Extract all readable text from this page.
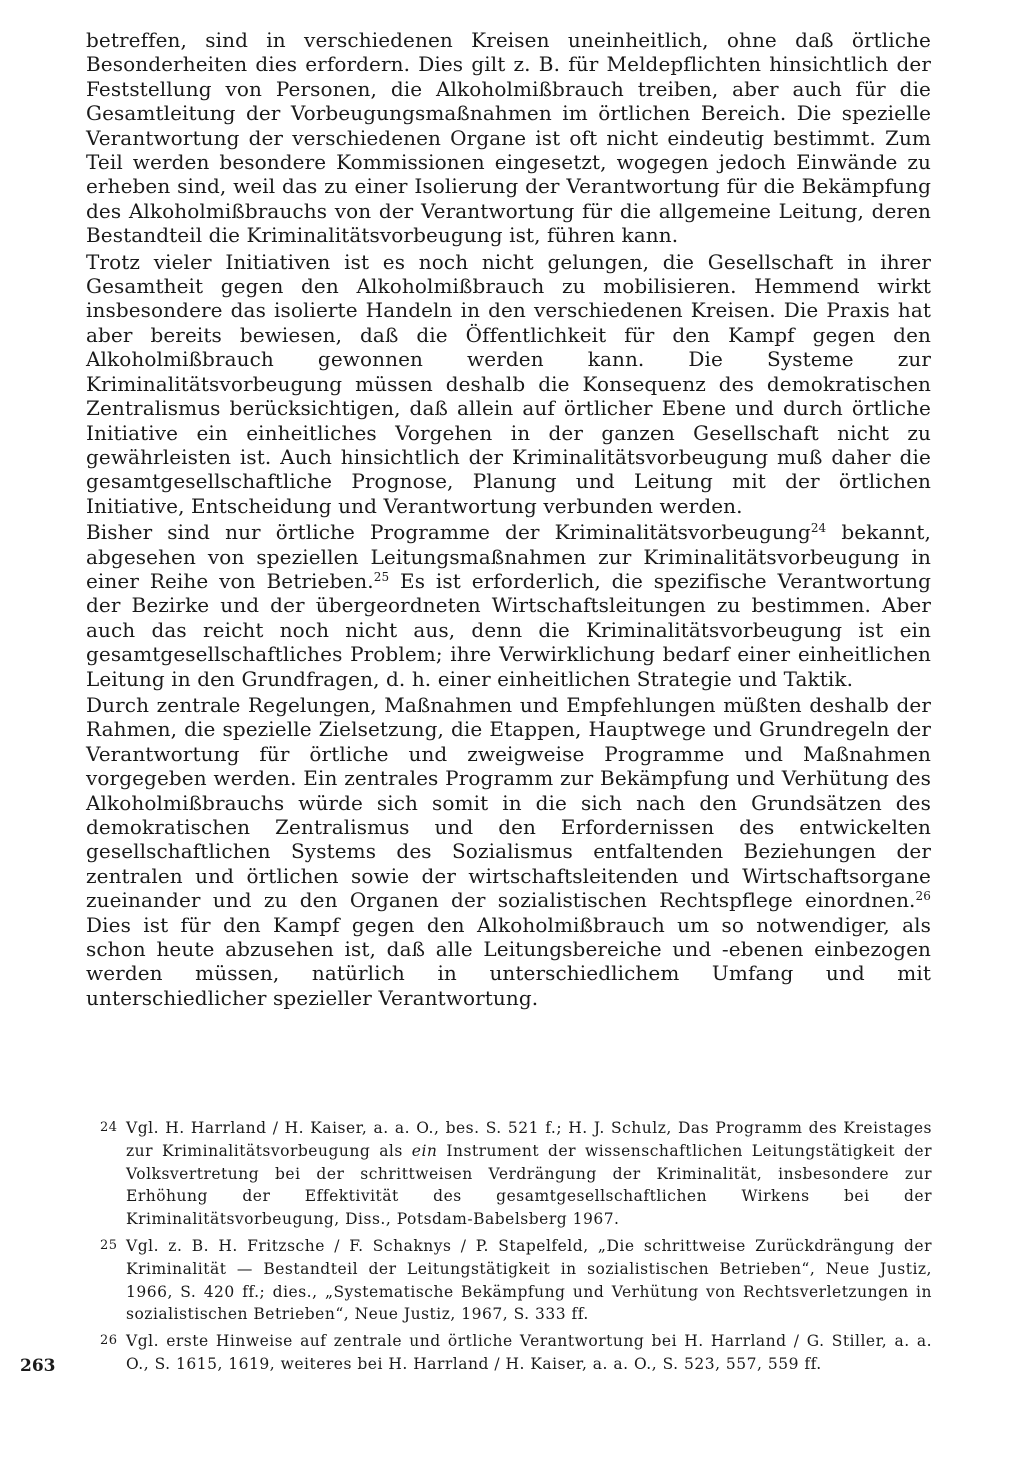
betreffen, sind in verschiedenen Kreisen uneinheitlich, ohne daß örtliche Besonderheiten dies erfordern. Dies gilt z. B. für Meldepflichten hinsichtlich der Feststellung von Personen, die Alkoholmißbrauch treiben, aber auch für die Gesamtleitung der Vorbeugungsmaßnahmen im örtlichen Bereich. Die spezielle Verantwortung der verschiedenen Organe ist oft nicht eindeutig bestimmt. Zum Teil werden besondere Kommissionen eingesetzt, wogegen jedoch Einwände zu erheben sind, weil das zu einer Isolierung der Verantwortung für die Bekämpfung des Alkoholmißbrauchs von der Verantwortung für die allgemeine Leitung, deren Bestandteil die Kriminalitätsvorbeugung ist, führen kann.

Trotz vieler Initiativen ist es noch nicht gelungen, die Gesellschaft in ihrer Gesamtheit gegen den Alkoholmißbrauch zu mobilisieren. Hemmend wirkt insbesondere das isolierte Handeln in den verschiedenen Kreisen. Die Praxis hat aber bereits bewiesen, daß die Öffentlichkeit für den Kampf gegen den Alkoholmißbrauch gewonnen werden kann. Die Systeme zur Kriminalitätsvorbeugung müssen deshalb die Konsequenz des demokratischen Zentralismus berücksichtigen, daß allein auf örtlicher Ebene und durch örtliche Initiative ein einheitliches Vorgehen in der ganzen Gesellschaft nicht zu gewährleisten ist. Auch hinsichtlich der Kriminalitätsvorbeugung muß daher die gesamtgesellschaftliche Prognose, Planung und Leitung mit der örtlichen Initiative, Entscheidung und Verantwortung verbunden werden.

Bisher sind nur örtliche Programme der Kriminalitätsvorbeugung$^{24}$ bekannt, abgesehen von speziellen Leitungsmaßnahmen zur Kriminalitätsvorbeugung in einer Reihe von Betrieben.$^{25}$ Es ist erforderlich, die spezifische Verantwortung der Bezirke und der übergeordneten Wirtschaftsleitungen zu bestimmen. Aber auch das reicht noch nicht aus, denn die Kriminalitätsvorbeugung ist ein gesamtgesellschaftliches Problem; ihre Verwirklichung bedarf einer einheitlichen Leitung in den Grundfragen, d. h. einer einheitlichen Strategie und Taktik.

Durch zentrale Regelungen, Maßnahmen und Empfehlungen müßten deshalb der Rahmen, die spezielle Zielsetzung, die Etappen, Hauptwege und Grundregeln der Verantwortung für örtliche und zweigweise Programme und Maßnahmen vorgegeben werden. Ein zentrales Programm zur Bekämpfung und Verhütung des Alkoholmißbrauchs würde sich somit in die sich nach den Grundsätzen des demokratischen Zentralismus und den Erfordernissen des entwickelten gesellschaftlichen Systems des Sozialismus entfaltenden Beziehungen der zentralen und örtlichen sowie der wirtschaftsleitenden und Wirtschaftsorgane zueinander und zu den Organen der sozialistischen Rechtspflege einordnen.$^{26}$ Dies ist für den Kampf gegen den Alkoholmißbrauch um so notwendiger, als schon heute abzusehen ist, daß alle Leitungsbereiche und -ebenen einbezogen werden müssen, natürlich in unterschiedlichem Umfang und mit unterschiedlicher spezieller Verantwortung.

24 Vgl. H. Harrland / H. Kaiser, a. a. O., bes. S. 521 f.; H. J. Schulz, Das Programm des Kreistages zur Kriminalitätsvorbeugung als ein Instrument der wissenschaftlichen Leitungstätigkeit der Volksvertretung bei der schrittweisen Verdrängung der Kriminalität, insbesondere zur Erhöhung der Effektivität des gesamtgesellschaftlichen Wirkens bei der Kriminalitätsvorbeugung, Diss., Potsdam-Babelsberg 1967.
25 Vgl. z. B. H. Fritzsche / F. Schaknys / P. Stapelfeld, „Die schrittweise Zurückdrängung der Kriminalität — Bestandteil der Leitungstätigkeit in sozialistischen Betrieben“, Neue Justiz, 1966, S. 420 ff.; dies., „Systematische Bekämpfung und Verhütung von Rechtsverletzungen in sozialistischen Betrieben“, Neue Justiz, 1967, S. 333 ff.
26 Vgl. erste Hinweise auf zentrale und örtliche Verantwortung bei H. Harrland / G. Stiller, a. a. O., S. 1615, 1619, weiteres bei H. Harrland / H. Kaiser, a. a. O., S. 523, 557, 559 ff.
263
